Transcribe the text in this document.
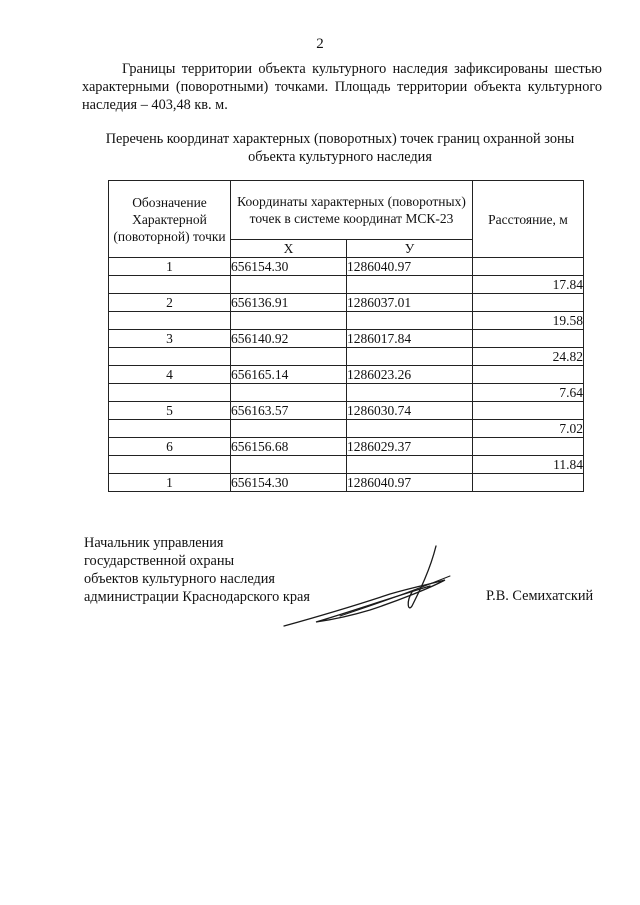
2

Границы территории объекта культурного наследия зафиксированы шестью характерными (поворотными) точками. Площадь территории объекта культурного наследия – 403,48 кв. м.

Перечень координат характерных (поворотных) точек границ охранной зоны
объекта культурного наследия
Обозначение Характерной (повоторной) точки	Координаты характерных (поворотных) точек в системе координат МСК-23		Расстояние, м
	Х	У	
1	656154.30	1286040.97	
			17.84
2	656136.91	1286037.01	
			19.58
3	656140.92	1286017.84	
			24.82
4	656165.14	1286023.26	
			7.64
5	656163.57	1286030.74	
			7.02
6	656156.68	1286029.37	
			11.84
1	656154.30	1286040.97	
Начальник управления
государственной охраны
объектов культурного наследия
администрации Краснодарского края	Р.В. Семихатский
